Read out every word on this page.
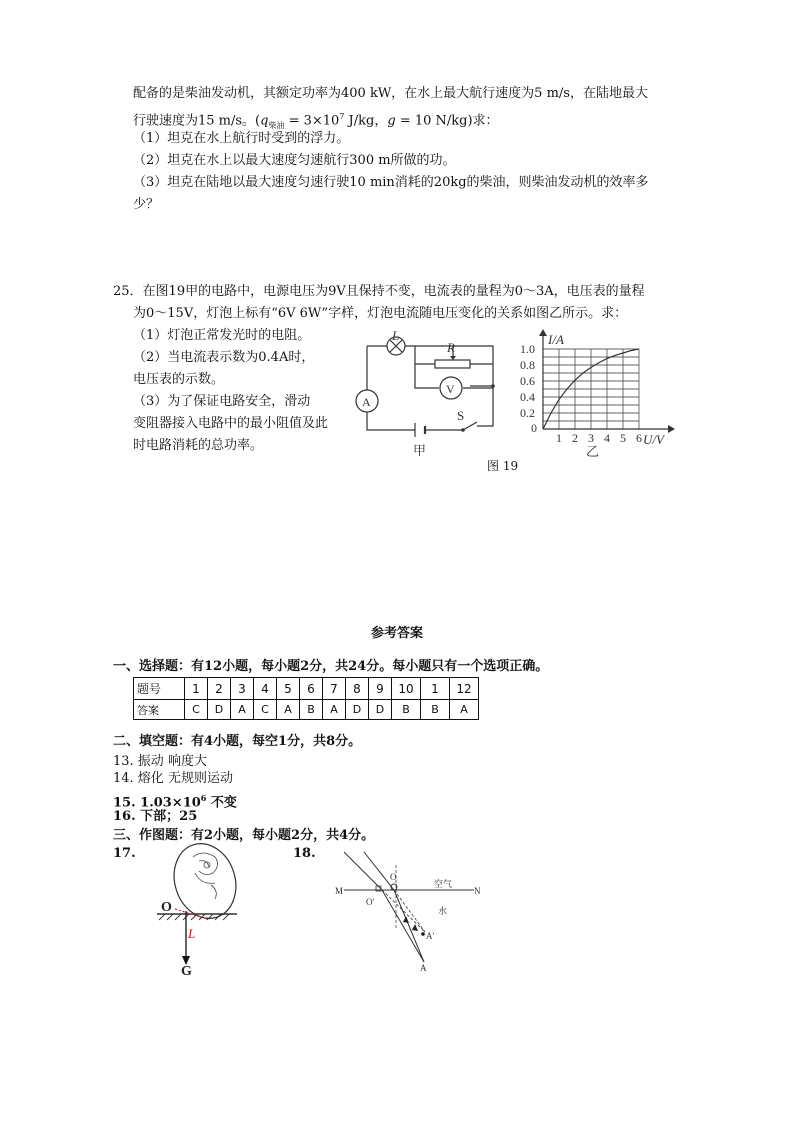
配备的是柴油发动机，其额定功率为400 kW，在水上最大航行速度为5 m/s，在陆地最大
行驶速度为15 m/s。($q_{柴油} = 3\times 10^7$ J/kg，g = 10 N/kg)求：
（1）坦克在水上航行时受到的浮力。
（2）坦克在水上以最大速度匀速航行300 m所做的功。
（3）坦克在陆地以最大速度匀速行驶10 min消耗的20kg的柴油，则柴油发动机的效率多
少？
25．在图19甲的电路中，电源电压为9V且保持不变，电流表的量程为0～3A，电压表的量程
为0～15V，灯泡上标有“6V 6W”字样，灯泡电流随电压变化的关系如图乙所示。求：
（1）灯泡正常发光时的电阻。
（2）当电流表示数为0.4A时，
电压表的示数。
（3）为了保证电路安全，滑动
变阻器接入电路中的最小阻值及此
时电路消耗的总功率。
L
R
V
A
S
甲
1.0
0.8
0.6
0.4
0.2
1 2 3 4 5 6
I/A
U/V
0
乙
图 19
参考答案
一、选择题：有12小题，每小题2分，共24分。每小题只有一个选项正确。
题号	1	2	3	4	5	6	7	8	9	10	1	12
答案	C	D	A	C	A	B	A	D	D	B	B	A
二、填空题：有4小题，每空1分，共8分。
13. 振动 响度大
14. 熔化 无规则运动
15. $1.03\times 10^6$ 不变
16. 下部；25
三、作图题：有2小题，每小题2分，共4分。
17.	18.
O
L
G
M	N
O
O'
空气
水
A'
A
